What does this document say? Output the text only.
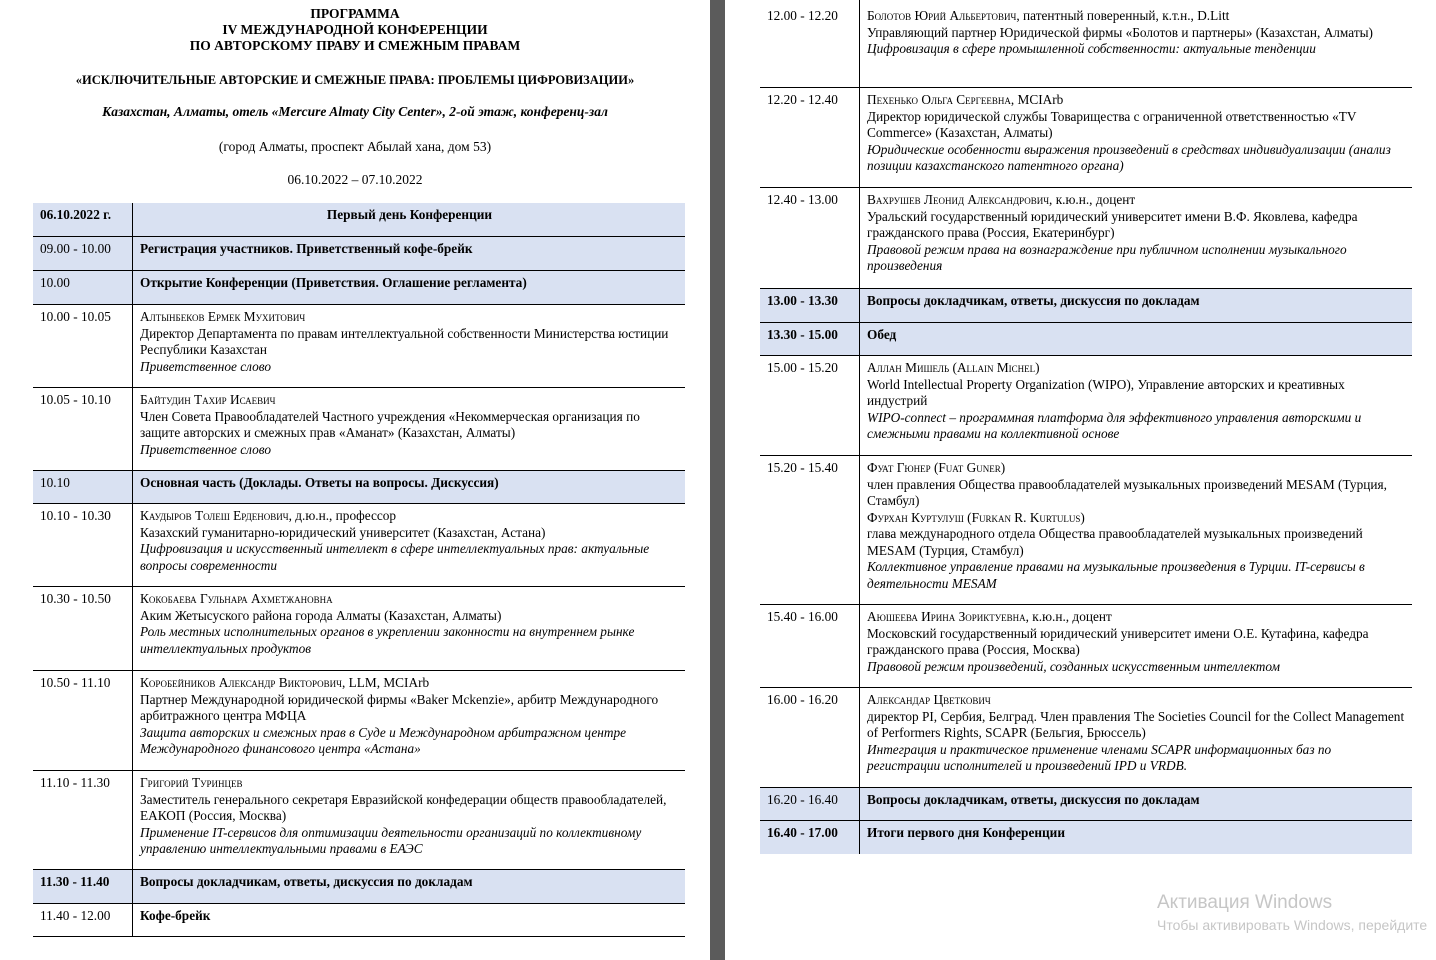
ПРОГРАММА
IV МЕЖДУНАРОДНОЙ КОНФЕРЕНЦИИ
ПО АВТОРСКОМУ ПРАВУ И СМЕЖНЫМ ПРАВАМ
«ИСКЛЮЧИТЕЛЬНЫЕ АВТОРСКИЕ И СМЕЖНЫЕ ПРАВА: ПРОБЛЕМЫ ЦИФРОВИЗАЦИИ»
Казахстан, Алматы, отель «Mercure Almaty City Center», 2-ой этаж, конференц-зал
(город Алматы, проспект Абылай хана, дом 53)
06.10.2022 – 07.10.2022
06.10.2022 г.	Первый день Конференции
09.00 - 10.00	Регистрация участников. Приветственный кофе-брейк
10.00	Открытие Конференции (Приветствия. Оглашение регламента)
10.00 - 10.05	Алтынбеков Ермек Мухитович
Директор Департамента по правам интеллектуальной собственности Министерства юстиции Республики Казахстан
Приветственное слово
10.05 - 10.10	Байтудин Тахир Исаевич
Член Совета Правообладателей Частного учреждения «Некоммерческая организация по защите авторских и смежных прав «Аманат» (Казахстан, Алматы)
Приветственное слово
10.10	Основная часть (Доклады. Ответы на вопросы. Дискуссия)
10.10 - 10.30	Каудыров Толеш Ерденович, д.ю.н., профессор
Казахский гуманитарно-юридический университет (Казахстан, Астана)
Цифровизация и искусственный интеллект в сфере интеллектуальных прав: актуальные вопросы современности
10.30 - 10.50	Кокобаева Гульнара Ахметжановна
Аким Жетысуского района города Алматы (Казахстан, Алматы)
Роль местных исполнительных органов в укреплении законности на внутреннем рынке интеллектуальных продуктов
10.50 - 11.10	Коробейников Александр Викторович, LLM, MCIArb
Партнер Международной юридической фирмы «Baker Mckenzie», арбитр Международного арбитражного центра МФЦА
Защита авторских и смежных прав в Суде и Международном арбитражном центре Международного финансового центра «Астана»
11.10 - 11.30	Григорий Туринцев
Заместитель генерального секретаря Евразийской конфедерации обществ правообладателей, ЕАКОП (Россия, Москва)
Применение IT-сервисов для оптимизации деятельности организаций по коллективному управлению интеллектуальными правами в ЕАЭС
11.30 - 11.40	Вопросы докладчикам, ответы, дискуссия по докладам
11.40 - 12.00	Кофе-брейк
12.00 - 12.20	Болотов Юрий Альбертович, патентный поверенный, к.т.н., D.Litt
Управляющий партнер Юридической фирмы «Болотов и партнеры» (Казахстан, Алматы)
Цифровизация в сфере промышленной собственности: актуальные тенденции
12.20 - 12.40	Пехенько Ольга Сергеевна, MCIArb
Директор юридической службы Товарищества с ограниченной ответственностью «TV Commerce» (Казахстан, Алматы)
Юридические особенности выражения произведений в средствах индивидуализации (анализ позиции казахстанского патентного органа)
12.40 - 13.00	Вахрушев Леонид Александрович, к.ю.н., доцент
Уральский государственный юридический университет имени В.Ф. Яковлева, кафедра гражданского права (Россия, Екатеринбург)
Правовой режим права на вознаграждение при публичном исполнении музыкального произведения
13.00 - 13.30	Вопросы докладчикам, ответы, дискуссия по докладам
13.30 - 15.00	Обед
15.00 - 15.20	Аллан Мишель (Allain Michel)
World Intellectual Property Organization (WIPO), Управление авторских и креативных индустрий
WIPO-connect – программная платформа для эффективного управления авторскими и смежными правами на коллективной основе
15.20 - 15.40	Фуат Гюнер (Fuat Guner)
член правления Общества правообладателей музыкальных произведений MESAM (Турция, Стамбул)
Фурхан Куртулуш (Furkan R. Kurtulus)
глава международного отдела Общества правообладателей музыкальных произведений MESAM (Турция, Стамбул)
Коллективное управление правами на музыкальные произведения в Турции. IT-сервисы в деятельности MESAM
15.40 - 16.00	Аюшеева Ирина Зориктуевна, к.ю.н., доцент
Московский государственный юридический университет имени О.Е. Кутафина, кафедра гражданского права (Россия, Москва)
Правовой режим произведений, созданных искусственным интеллектом
16.00 - 16.20	Александар Цветкович
директор PI, Сербия, Белград. Член правления The Societies Council for the Collect Management of Performers Rights, SCAPR (Бельгия, Брюссель)
Интеграция и практическое применение членами SCAPR информационных баз по регистрации исполнителей и произведений IPD и VRDB.
16.20 - 16.40	Вопросы докладчикам, ответы, дискуссия по докладам
16.40 - 17.00	Итоги первого дня Конференции
Активация Windows
Чтобы активировать Windows, перейдите
